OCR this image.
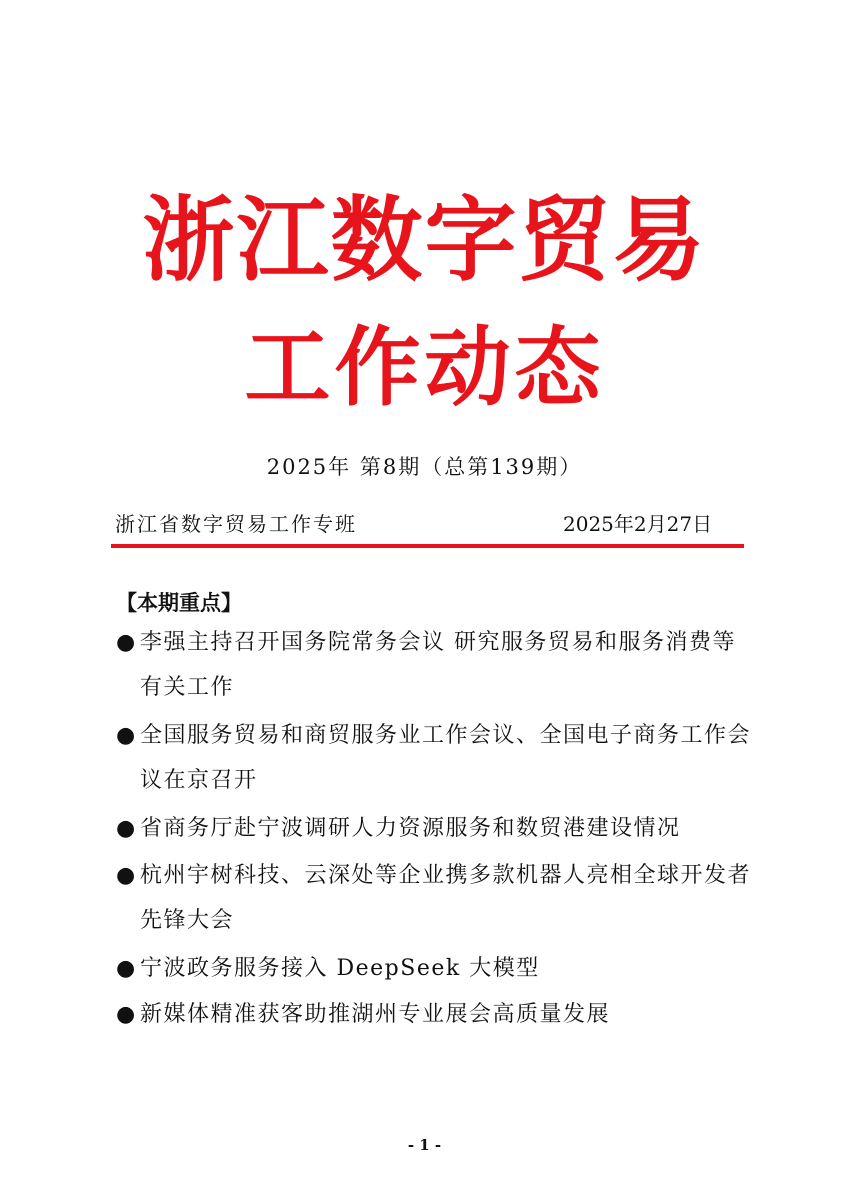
浙江数字贸易
工作动态
2025年 第8期（总第139期）
浙江省数字贸易工作专班	2025年2月27日
【本期重点】
● 李强主持召开国务院常务会议 研究服务贸易和服务消费等有关工作
● 全国服务贸易和商贸服务业工作会议、全国电子商务工作会议在京召开
● 省商务厅赴宁波调研人力资源服务和数贸港建设情况
● 杭州宇树科技、云深处等企业携多款机器人亮相全球开发者先锋大会
● 宁波政务服务接入 DeepSeek 大模型
● 新媒体精准获客助推湖州专业展会高质量发展
- 1 -
